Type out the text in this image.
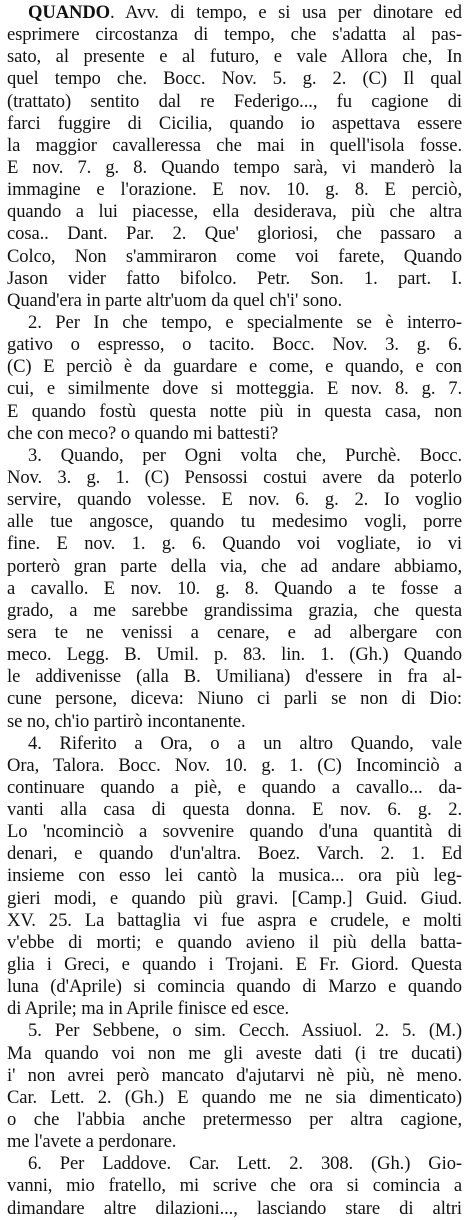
QUANDO. Avv. di tempo, e si usa per dinotare ed
esprimere circostanza di tempo, che s'adatta al pas-
sato, al presente e al futuro, e vale Allora che, In
quel tempo che. Bocc. Nov. 5. g. 2. (C) Il qual
(trattato) sentito dal re Federigo..., fu cagione di
farci fuggire di Cicilia, quando io aspettava essere
la maggior cavalleressa che mai in quell'isola fosse.
E nov. 7. g. 8. Quando tempo sarà, vi manderò la
immagine e l'orazione. E nov. 10. g. 8. E perciò,
quando a lui piacesse, ella desiderava, più che altra
cosa.. Dant. Par. 2. Que' gloriosi, che passaro a
Colco, Non s'ammiraron come voi farete, Quando
Jason vider fatto bifolco. Petr. Son. 1. part. I.
Quand'era in parte altr'uom da quel ch'i' sono.
2. Per In che tempo, e specialmente se è interro-
gativo o espresso, o tacito. Bocc. Nov. 3. g. 6.
(C) E perciò è da guardare e come, e quando, e con
cui, e similmente dove si motteggia. E nov. 8. g. 7.
E quando fostù questa notte più in questa casa, non
che con meco? o quando mi battesti?
3. Quando, per Ogni volta che, Purchè. Bocc.
Nov. 3. g. 1. (C) Pensossi costui avere da poterlo
servire, quando volesse. E nov. 6. g. 2. Io voglio
alle tue angosce, quando tu medesimo vogli, porre
fine. E nov. 1. g. 6. Quando voi vogliate, io vi
porterò gran parte della via, che ad andare abbiamo,
a cavallo. E nov. 10. g. 8. Quando a te fosse a
grado, a me sarebbe grandissima grazia, che questa
sera te ne venissi a cenare, e ad albergare con
meco. Legg. B. Umil. p. 83. lin. 1. (Gh.) Quando
le addivenisse (alla B. Umiliana) d'essere in fra al-
cune persone, diceva: Niuno ci parli se non di Dio:
se no, ch'io partirò incontanente.
4. Riferito a Ora, o a un altro Quando, vale
Ora, Talora. Bocc. Nov. 10. g. 1. (C) Incominciò a
continuare quando a piè, e quando a cavallo... da-
vanti alla casa di questa donna. E nov. 6. g. 2.
Lo 'ncominciò a sovvenire quando d'una quantità di
denari, e quando d'un'altra. Boez. Varch. 2. 1. Ed
insieme con esso lei cantò la musica... ora più leg-
gieri modi, e quando più gravi. [Camp.] Guid. Giud.
XV. 25. La battaglia vi fue aspra e crudele, e molti
v'ebbe di morti; e quando avieno il più della batta-
glia i Greci, e quando i Trojani. E Fr. Giord. Questa
luna (d'Aprile) si comincia quando di Marzo e quando
di Aprile; ma in Aprile finisce ed esce.
5. Per Sebbene, o sim. Cecch. Assiuol. 2. 5. (M.)
Ma quando voi non me gli aveste dati (i tre ducati)
i' non avrei però mancato d'ajutarvi nè più, nè meno.
Car. Lett. 2. (Gh.) E quando me ne sia dimenticato)
o che l'abbia anche pretermesso per altra cagione,
me l'avete a perdonare.
6. Per Laddove. Car. Lett. 2. 308. (Gh.) Gio-
vanni, mio fratello, mi scrive che ora si comincia a
dimandare altre dilazioni..., lasciando stare di altri
